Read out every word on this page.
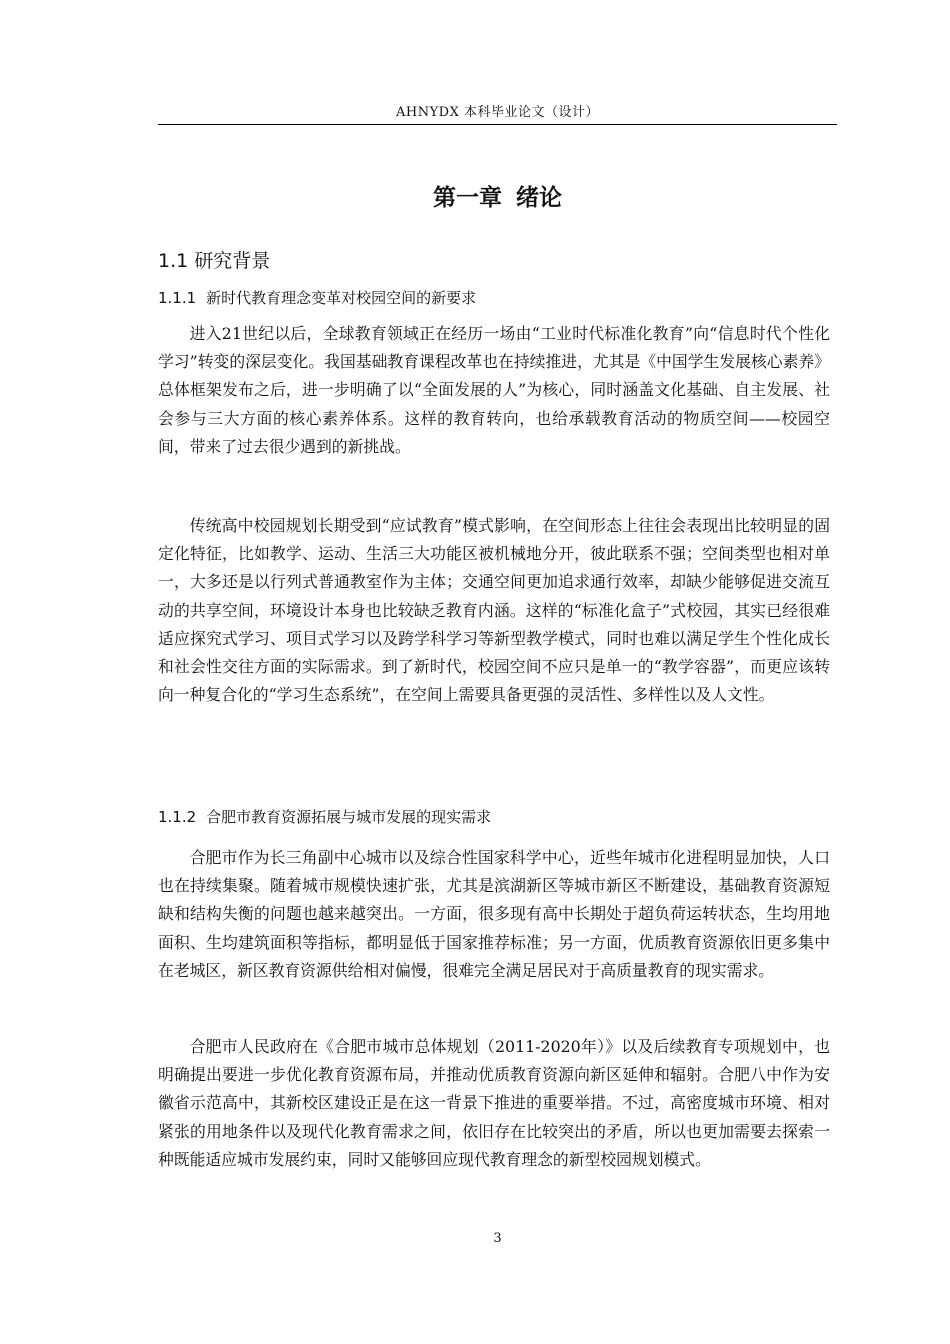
AHNYDX 本科毕业论文（设计）
第一章 绪论
1.1 研究背景
1.1.1 新时代教育理念变革对校园空间的新要求

进入21世纪以后，全球教育领域正在经历一场由“工业时代标准化教育”向“信息时代个性化学习”转变的深层变化。我国基础教育课程改革也在持续推进，尤其是《中国学生发展核心素养》总体框架发布之后，进一步明确了以“全面发展的人”为核心，同时涵盖文化基础、自主发展、社会参与三大方面的核心素养体系。这样的教育转向，也给承载教育活动的物质空间——校园空间，带来了过去很少遇到的新挑战。

传统高中校园规划长期受到“应试教育”模式影响，在空间形态上往往会表现出比较明显的固定化特征，比如教学、运动、生活三大功能区被机械地分开，彼此联系不强；空间类型也相对单一，大多还是以行列式普通教室作为主体；交通空间更加追求通行效率，却缺少能够促进交流互动的共享空间，环境设计本身也比较缺乏教育内涵。这样的“标准化盒子”式校园，其实已经很难适应探究式学习、项目式学习以及跨学科学习等新型教学模式，同时也难以满足学生个性化成长和社会性交往方面的实际需求。到了新时代，校园空间不应只是单一的“教学容器”，而更应该转向一种复合化的“学习生态系统”，在空间上需要具备更强的灵活性、多样性以及人文性。

1.1.2 合肥市教育资源拓展与城市发展的现实需求

合肥市作为长三角副中心城市以及综合性国家科学中心，近些年城市化进程明显加快，人口也在持续集聚。随着城市规模快速扩张，尤其是滨湖新区等城市新区不断建设，基础教育资源短缺和结构失衡的问题也越来越突出。一方面，很多现有高中长期处于超负荷运转状态，生均用地面积、生均建筑面积等指标，都明显低于国家推荐标准；另一方面，优质教育资源依旧更多集中在老城区，新区教育资源供给相对偏慢，很难完全满足居民对于高质量教育的现实需求。

合肥市人民政府在《合肥市城市总体规划（2011-2020年）》以及后续教育专项规划中，也明确提出要进一步优化教育资源布局，并推动优质教育资源向新区延伸和辐射。合肥八中作为安徽省示范高中，其新校区建设正是在这一背景下推进的重要举措。不过，高密度城市环境、相对紧张的用地条件以及现代化教育需求之间，依旧存在比较突出的矛盾，所以也更加需要去探索一种既能适应城市发展约束，同时又能够回应现代教育理念的新型校园规划模式。

3
